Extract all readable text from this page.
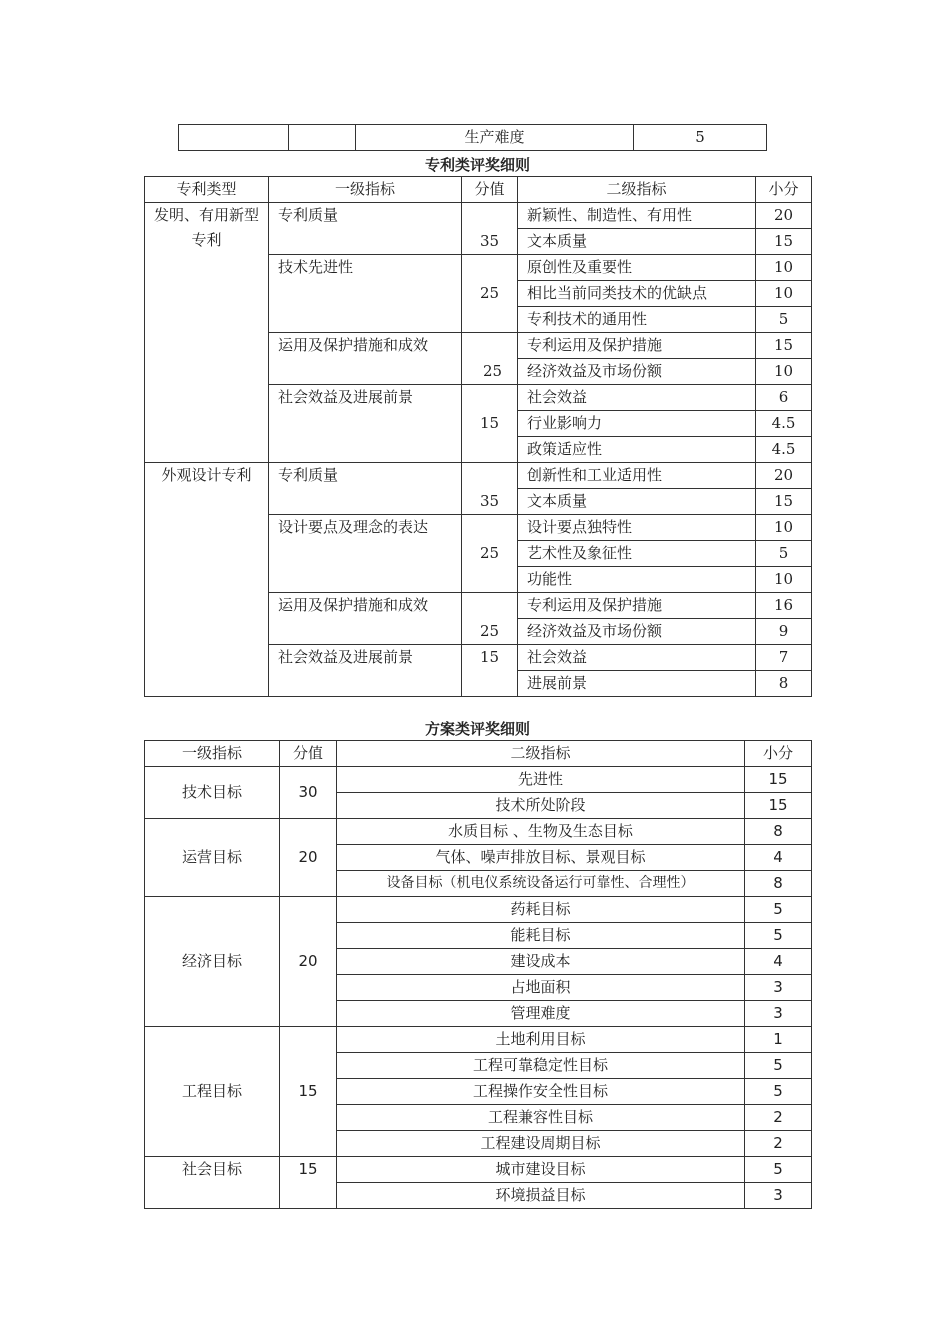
		生产难度	5
专利类评奖细则
专利类型	一级指标	分值	二级指标	小分
发明、有用新型专利	专利质量	35	新颖性、制造性、有用性	20
			文本质量	15
	技术先进性	25	原创性及重要性	10
			相比当前同类技术的优缺点	10
			专利技术的通用性	5
	运用及保护措施和成效	25	专利运用及保护措施	15
			经济效益及市场份额	10
	社会效益及进展前景	15	社会效益	6
			行业影响力	4.5
			政策适应性	4.5
外观设计专利	专利质量	35	创新性和工业适用性	20
			文本质量	15
	设计要点及理念的表达	25	设计要点独特性	10
			艺术性及象征性	5
			功能性	10
	运用及保护措施和成效	25	专利运用及保护措施	16
			经济效益及市场份额	9
	社会效益及进展前景	15	社会效益	7
			进展前景	8
方案类评奖细则
一级指标	分值	二级指标	小分
技术目标	30	先进性	15
		技术所处阶段	15
运营目标	20	水质目标 、生物及生态目标	8
		气体、噪声排放目标、景观目标	4
		设备目标（机电仪系统设备运行可靠性、合理性）	8
经济目标	20	药耗目标	5
		能耗目标	5
		建设成本	4
		占地面积	3
		管理难度	3
工程目标	15	土地利用目标	1
		工程可靠稳定性目标	5
		工程操作安全性目标	5
		工程兼容性目标	2
		工程建设周期目标	2
社会目标	15	城市建设目标	5
		环境损益目标	3
